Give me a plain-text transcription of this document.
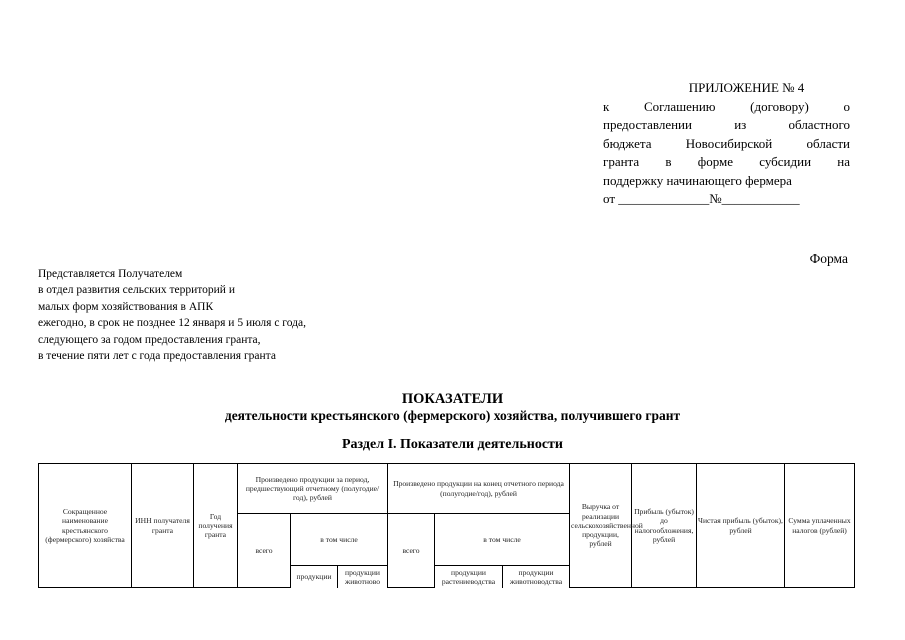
ПРИЛОЖЕНИЕ № 4
к Соглашению (договору) о
предоставлении из областного
бюджета Новосибирской области
гранта в форме субсидии на
поддержку начинающего фермера
от ______________№____________
Форма
Представляется Получателем
в отдел развития сельских территорий и
малых форм хозяйствования в АПК
ежегодно, в срок не позднее 12 января и 5 июля с года,
следующего за годом предоставления гранта,
в течение пяти лет с года предоставления гранта
ПОКАЗАТЕЛИ
деятельности крестьянского (фермерского) хозяйства, получившего грант
Раздел I. Показатели деятельности
Сокращенное наименование крестьянского (фермерского) хозяйства	ИНН получателя гранта	Год получения гранта	Произведено продукции за период, предшествующий отчетному (полугодие/год), рублей			Произведено продукции на конец отчетного периода (полугодие/год), рублей			Выручка от реализации сельскохозяйственной продукции, рублей	Прибыль (убыток) до налогообложения, рублей	Чистая прибыль (убыток), рублей	Сумма уплаченных налогов (рублей)
			всего	в том числе		всего	в том числе					
				продукции	продукции животново		продукции растениеводства	продукции животноводства				
